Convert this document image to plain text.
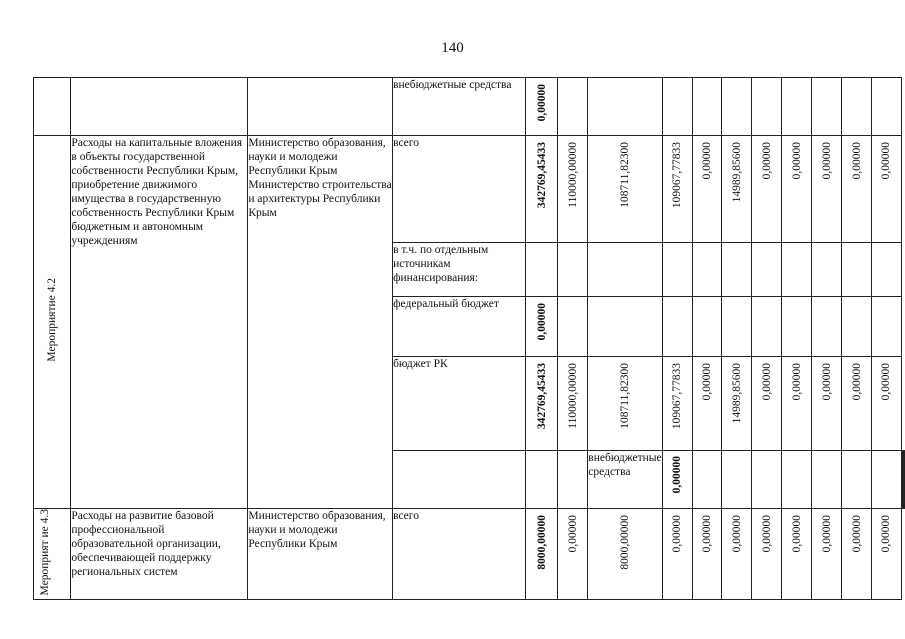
140
			внебюджетные средства	0,00000												
Мероприятие 4.2	Расходы на капитальные вложения в объекты государственной собственности Республики Крым, приобретение движимого имущества в государственную собственность Республики Крым бюджетным и автономным учреждениям	Министерство образования, науки и молодежи Республики Крым Министерство строительства и архитектуры Республики Крым	всего	342769,45433	110000,00000	108711,82300	109067,77833	0,00000	14989,85600	0,00000	0,00000	0,00000	0,00000	0,00000		
			в т.ч. по отдельным источникам финансирования:													
			федеральный бюджет	0,00000												
			бюджет РК	342769,45433	110000,00000	108711,82300	109067,77833	0,00000	14989,85600	0,00000	0,00000	0,00000	0,00000	0,00000		
						внебюджетные средства	0,00000										
Мероприят ие 4.3	Расходы на развитие базовой профессиональной образовательной организации, обеспечивающей поддержку региональных систем	Министерство образования, науки и молодежи Республики Крым	всего	8000,00000	0,00000	8000,00000	0,00000	0,00000	0,00000	0,00000	0,00000	0,00000	0,00000	0,00000		
